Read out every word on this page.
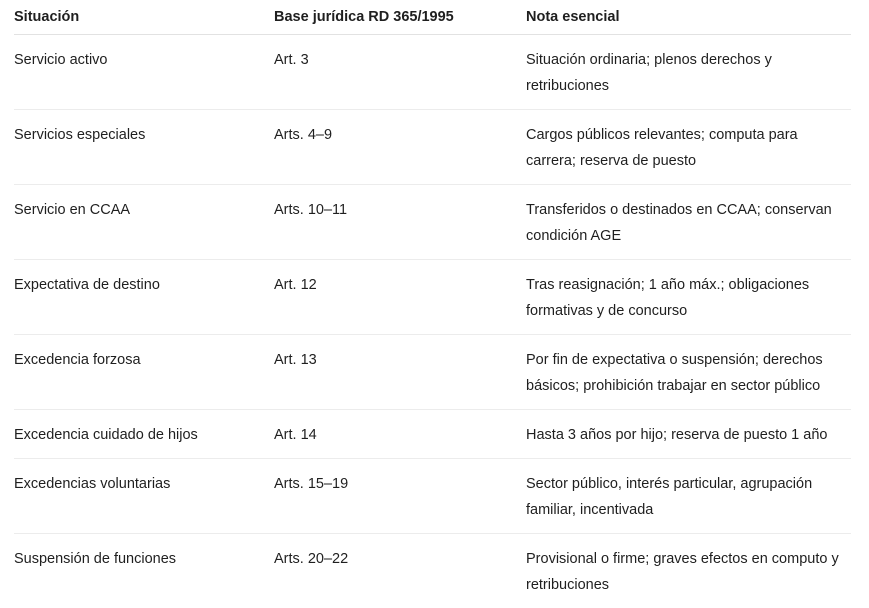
Situación	Base jurídica RD 365/1995	Nota esencial
Servicio activo	Art. 3	Situación ordinaria; plenos derechos y retribuciones
Servicios especiales	Arts. 4–9	Cargos públicos relevantes; computa para carrera; reserva de puesto
Servicio en CCAA	Arts. 10–11	Transferidos o destinados en CCAA; conservan condición AGE
Expectativa de destino	Art. 12	Tras reasignación; 1 año máx.; obligaciones formativas y de concurso
Excedencia forzosa	Art. 13	Por fin de expectativa o suspensión; derechos básicos; prohibición trabajar en sector público
Excedencia cuidado de hijos	Art. 14	Hasta 3 años por hijo; reserva de puesto 1 año
Excedencias voluntarias	Arts. 15–19	Sector público, interés particular, agrupación familiar, incentivada
Suspensión de funciones	Arts. 20–22	Provisional o firme; graves efectos en computo y retribuciones
